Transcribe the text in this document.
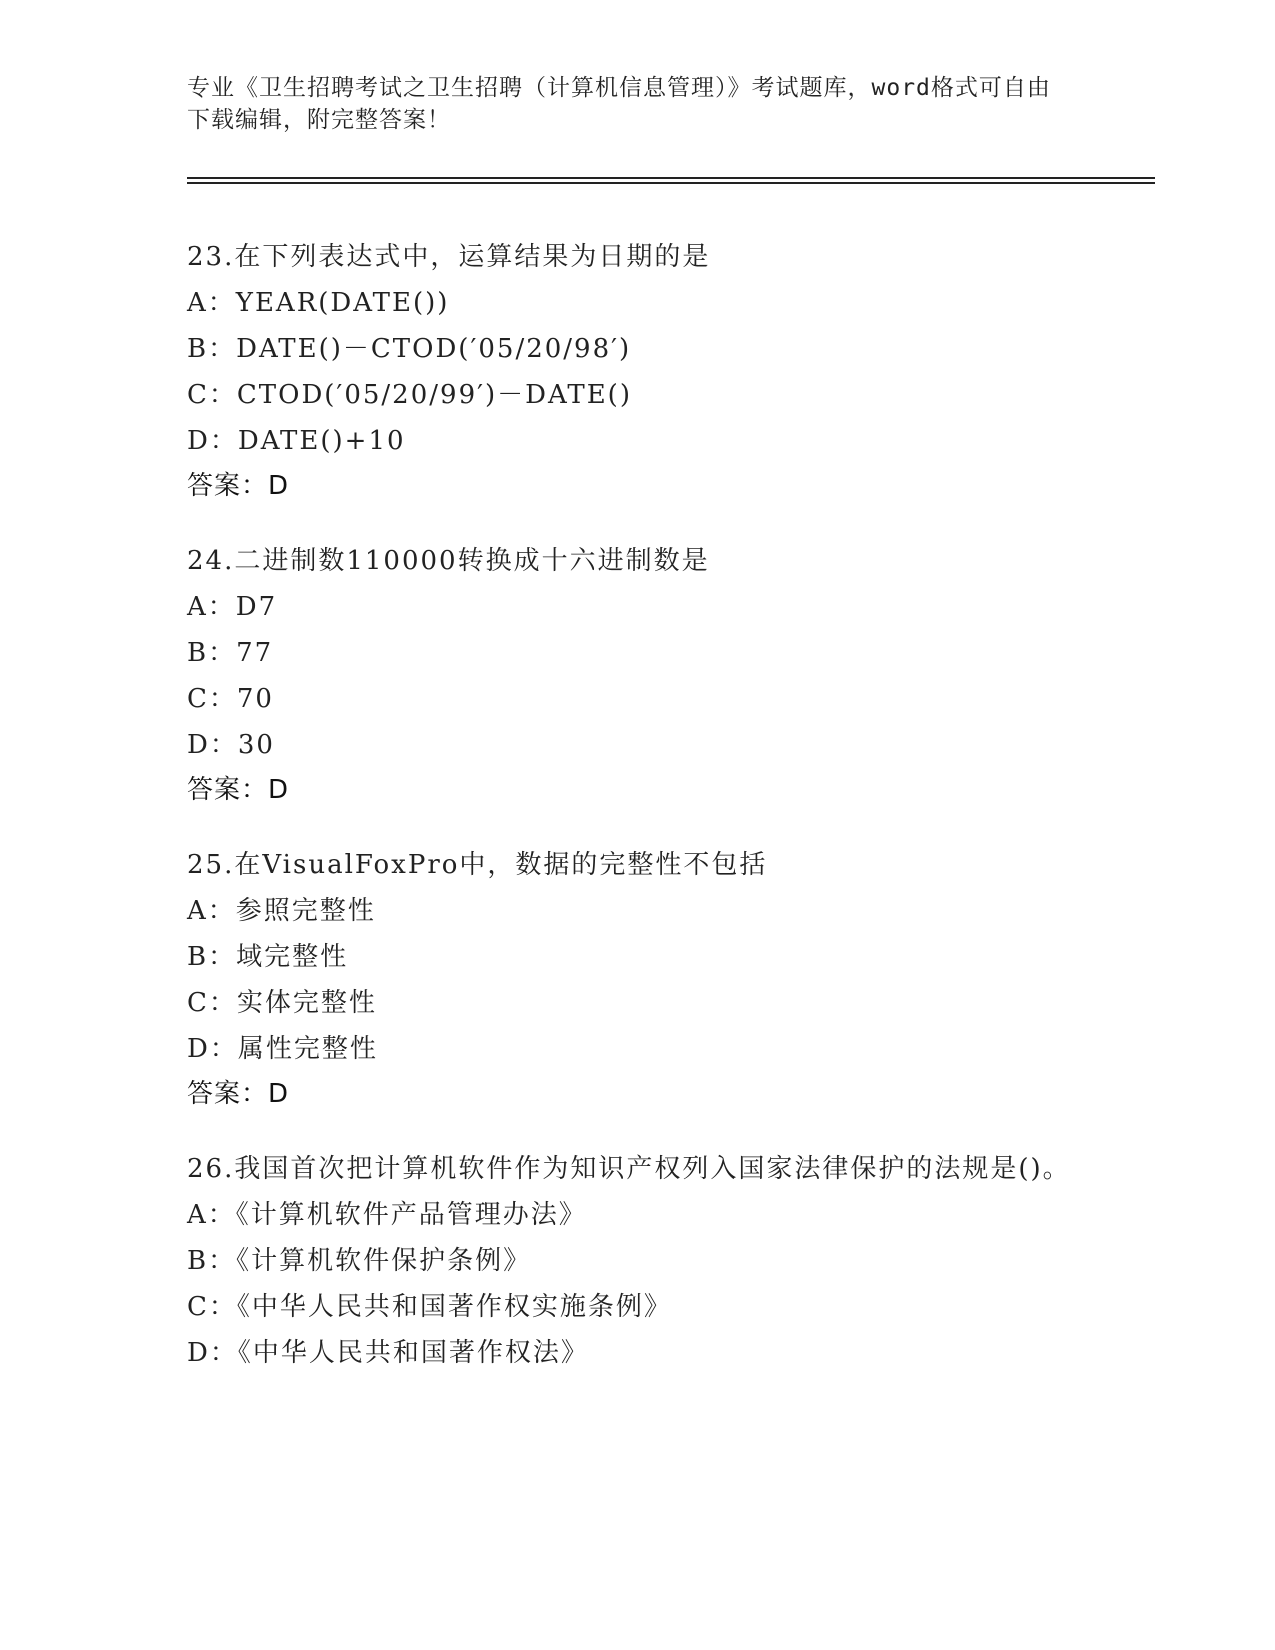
专业《卫生招聘考试之卫生招聘（计算机信息管理）》考试题库，word格式可自由下载编辑，附完整答案！
23.在下列表达式中，运算结果为日期的是
A：YEAR(DATE())
B：DATE()－CTOD(′05/20/98′)
C：CTOD(′05/20/99′)－DATE()
D：DATE()+10
答案：D
24.二进制数110000转换成十六进制数是
A：D7
B：77
C：70
D：30
答案：D
25.在VisualFoxPro中，数据的完整性不包括
A：参照完整性
B：域完整性
C：实体完整性
D：属性完整性
答案：D
26.我国首次把计算机软件作为知识产权列入国家法律保护的法规是()。
A：《计算机软件产品管理办法》
B：《计算机软件保护条例》
C：《中华人民共和国著作权实施条例》
D：《中华人民共和国著作权法》
